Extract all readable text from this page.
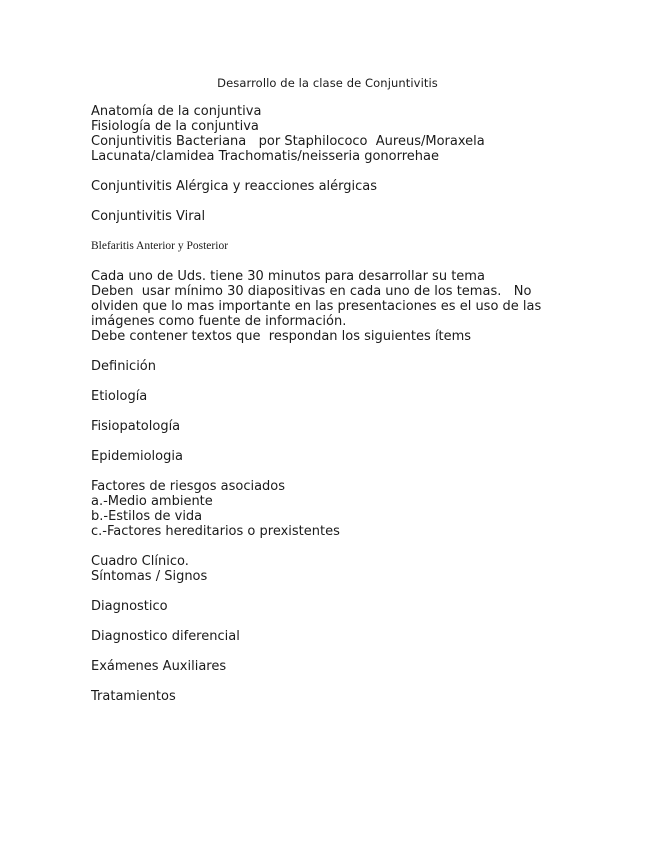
Desarrollo de la clase de Conjuntivitis
Anatomía de la conjuntiva
Fisiología de la conjuntiva
Conjuntivitis Bacteriana   por Staphilococo  Aureus/Moraxela
Lacunata/clamidea Trachomatis/neisseria gonorrehae
Conjuntivitis Alérgica y reacciones alérgicas
Conjuntivitis Viral
Blefaritis Anterior y Posterior
Cada uno de Uds. tiene 30 minutos para desarrollar su tema
Deben  usar mínimo 30 diapositivas en cada uno de los temas.   No olviden que lo mas importante en las presentaciones es el uso de las imágenes como fuente de información.
Debe contener textos que  respondan los siguientes ítems
Definición
Etiología
Fisiopatología
Epidemiologia
Factores de riesgos asociados
a.-Medio ambiente
b.-Estilos de vida
c.-Factores hereditarios o prexistentes
Cuadro Clínico.
Síntomas / Signos
Diagnostico
Diagnostico diferencial
Exámenes Auxiliares
Tratamientos
